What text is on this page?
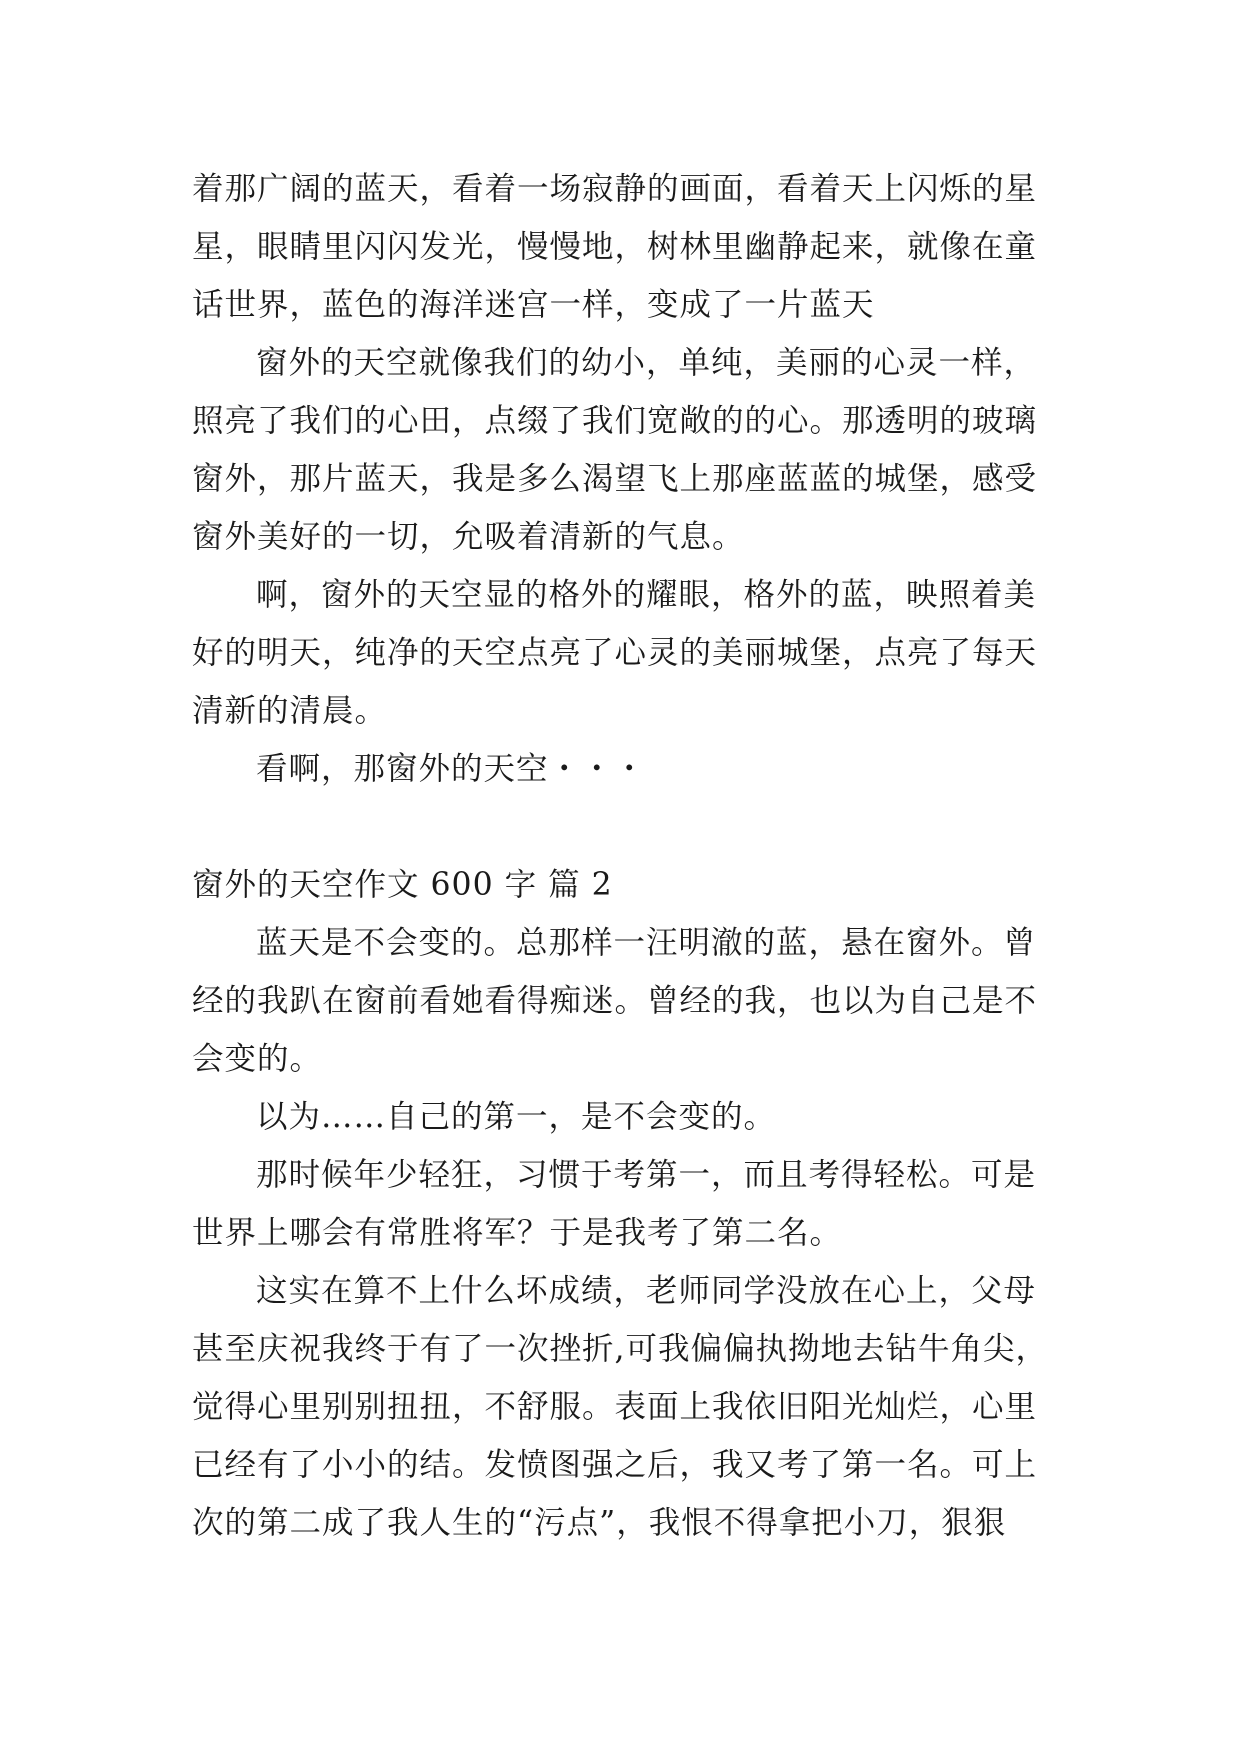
着那广阔的蓝天，看着一场寂静的画面，看着天上闪烁的星
星，眼睛里闪闪发光，慢慢地，树林里幽静起来，就像在童
话世界，蓝色的海洋迷宫一样，变成了一片蓝天
窗外的天空就像我们的幼小，单纯，美丽的心灵一样，
照亮了我们的心田，点缀了我们宽敞的的心。那透明的玻璃
窗外，那片蓝天，我是多么渴望飞上那座蓝蓝的城堡，感受
窗外美好的一切，允吸着清新的气息。
啊，窗外的天空显的格外的耀眼，格外的蓝，映照着美
好的明天，纯净的天空点亮了心灵的美丽城堡，点亮了每天
清新的清晨。
看啊，那窗外的天空・・・
窗外的天空作文 600 字 篇 2
蓝天是不会变的。总那样一汪明澈的蓝，悬在窗外。曾
经的我趴在窗前看她看得痴迷。曾经的我，也以为自己是不
会变的。
以为……自己的第一，是不会变的。
那时候年少轻狂，习惯于考第一，而且考得轻松。可是
世界上哪会有常胜将军？于是我考了第二名。
这实在算不上什么坏成绩，老师同学没放在心上，父母
甚至庆祝我终于有了一次挫折,可我偏偏执拗地去钻牛角尖，
觉得心里别别扭扭，不舒服。表面上我依旧阳光灿烂，心里
已经有了小小的结。发愤图强之后，我又考了第一名。可上
次的第二成了我人生的“污点”，我恨不得拿把小刀，狠狠
